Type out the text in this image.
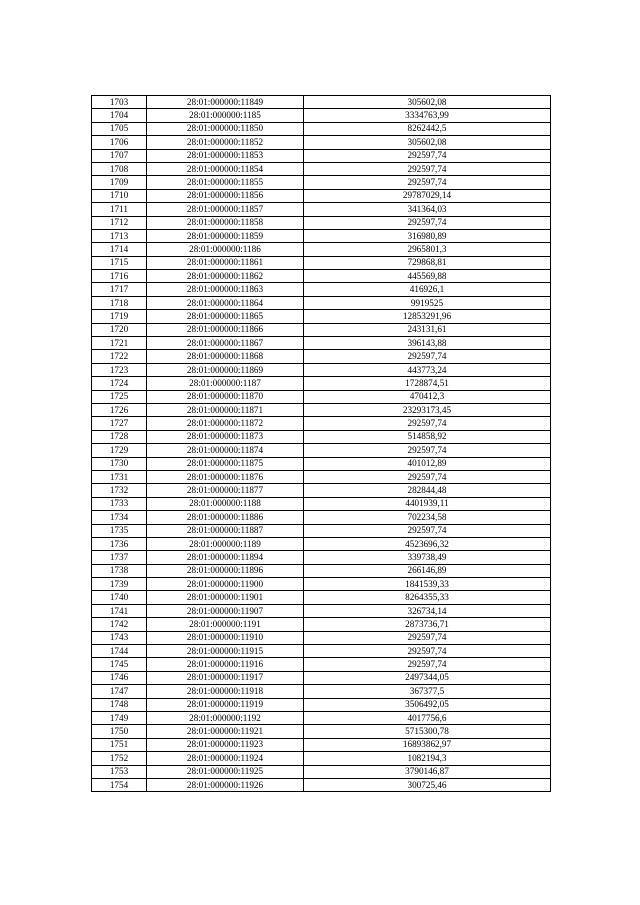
1703	28:01:000000:11849	305602,08
1704	28:01:000000:1185	3334763,99
1705	28:01:000000:11850	8262442,5
1706	28:01:000000:11852	305602,08
1707	28:01:000000:11853	292597,74
1708	28:01:000000:11854	292597,74
1709	28:01:000000:11855	292597,74
1710	28:01:000000:11856	29787029,14
1711	28:01:000000:11857	341364,03
1712	28:01:000000:11858	292597,74
1713	28:01:000000:11859	316980,89
1714	28:01:000000:1186	2965801,3
1715	28:01:000000:11861	729868,81
1716	28:01:000000:11862	445569,88
1717	28:01:000000:11863	416926,1
1718	28:01:000000:11864	9919525
1719	28:01:000000:11865	12853291,96
1720	28:01:000000:11866	243131,61
1721	28:01:000000:11867	396143,88
1722	28:01:000000:11868	292597,74
1723	28:01:000000:11869	443773,24
1724	28:01:000000:1187	1728874,51
1725	28:01:000000:11870	470412,3
1726	28:01:000000:11871	23293173,45
1727	28:01:000000:11872	292597,74
1728	28:01:000000:11873	514858,92
1729	28:01:000000:11874	292597,74
1730	28:01:000000:11875	401012,89
1731	28:01:000000:11876	292597,74
1732	28:01:000000:11877	282844,48
1733	28:01:000000:1188	4401939,11
1734	28:01:000000:11886	702234,58
1735	28:01:000000:11887	292597,74
1736	28:01:000000:1189	4523696,32
1737	28:01:000000:11894	339738,49
1738	28:01:000000:11896	266146,89
1739	28:01:000000:11900	1841539,33
1740	28:01:000000:11901	8264355,33
1741	28:01:000000:11907	326734,14
1742	28:01:000000:1191	2873736,71
1743	28:01:000000:11910	292597,74
1744	28:01:000000:11915	292597,74
1745	28:01:000000:11916	292597,74
1746	28:01:000000:11917	2497344,05
1747	28:01:000000:11918	367377,5
1748	28:01:000000:11919	3506492,05
1749	28:01:000000:1192	4017756,6
1750	28:01:000000:11921	5715300,78
1751	28:01:000000:11923	16893862,97
1752	28:01:000000:11924	1082194,3
1753	28:01:000000:11925	3790146,87
1754	28:01:000000:11926	300725,46
